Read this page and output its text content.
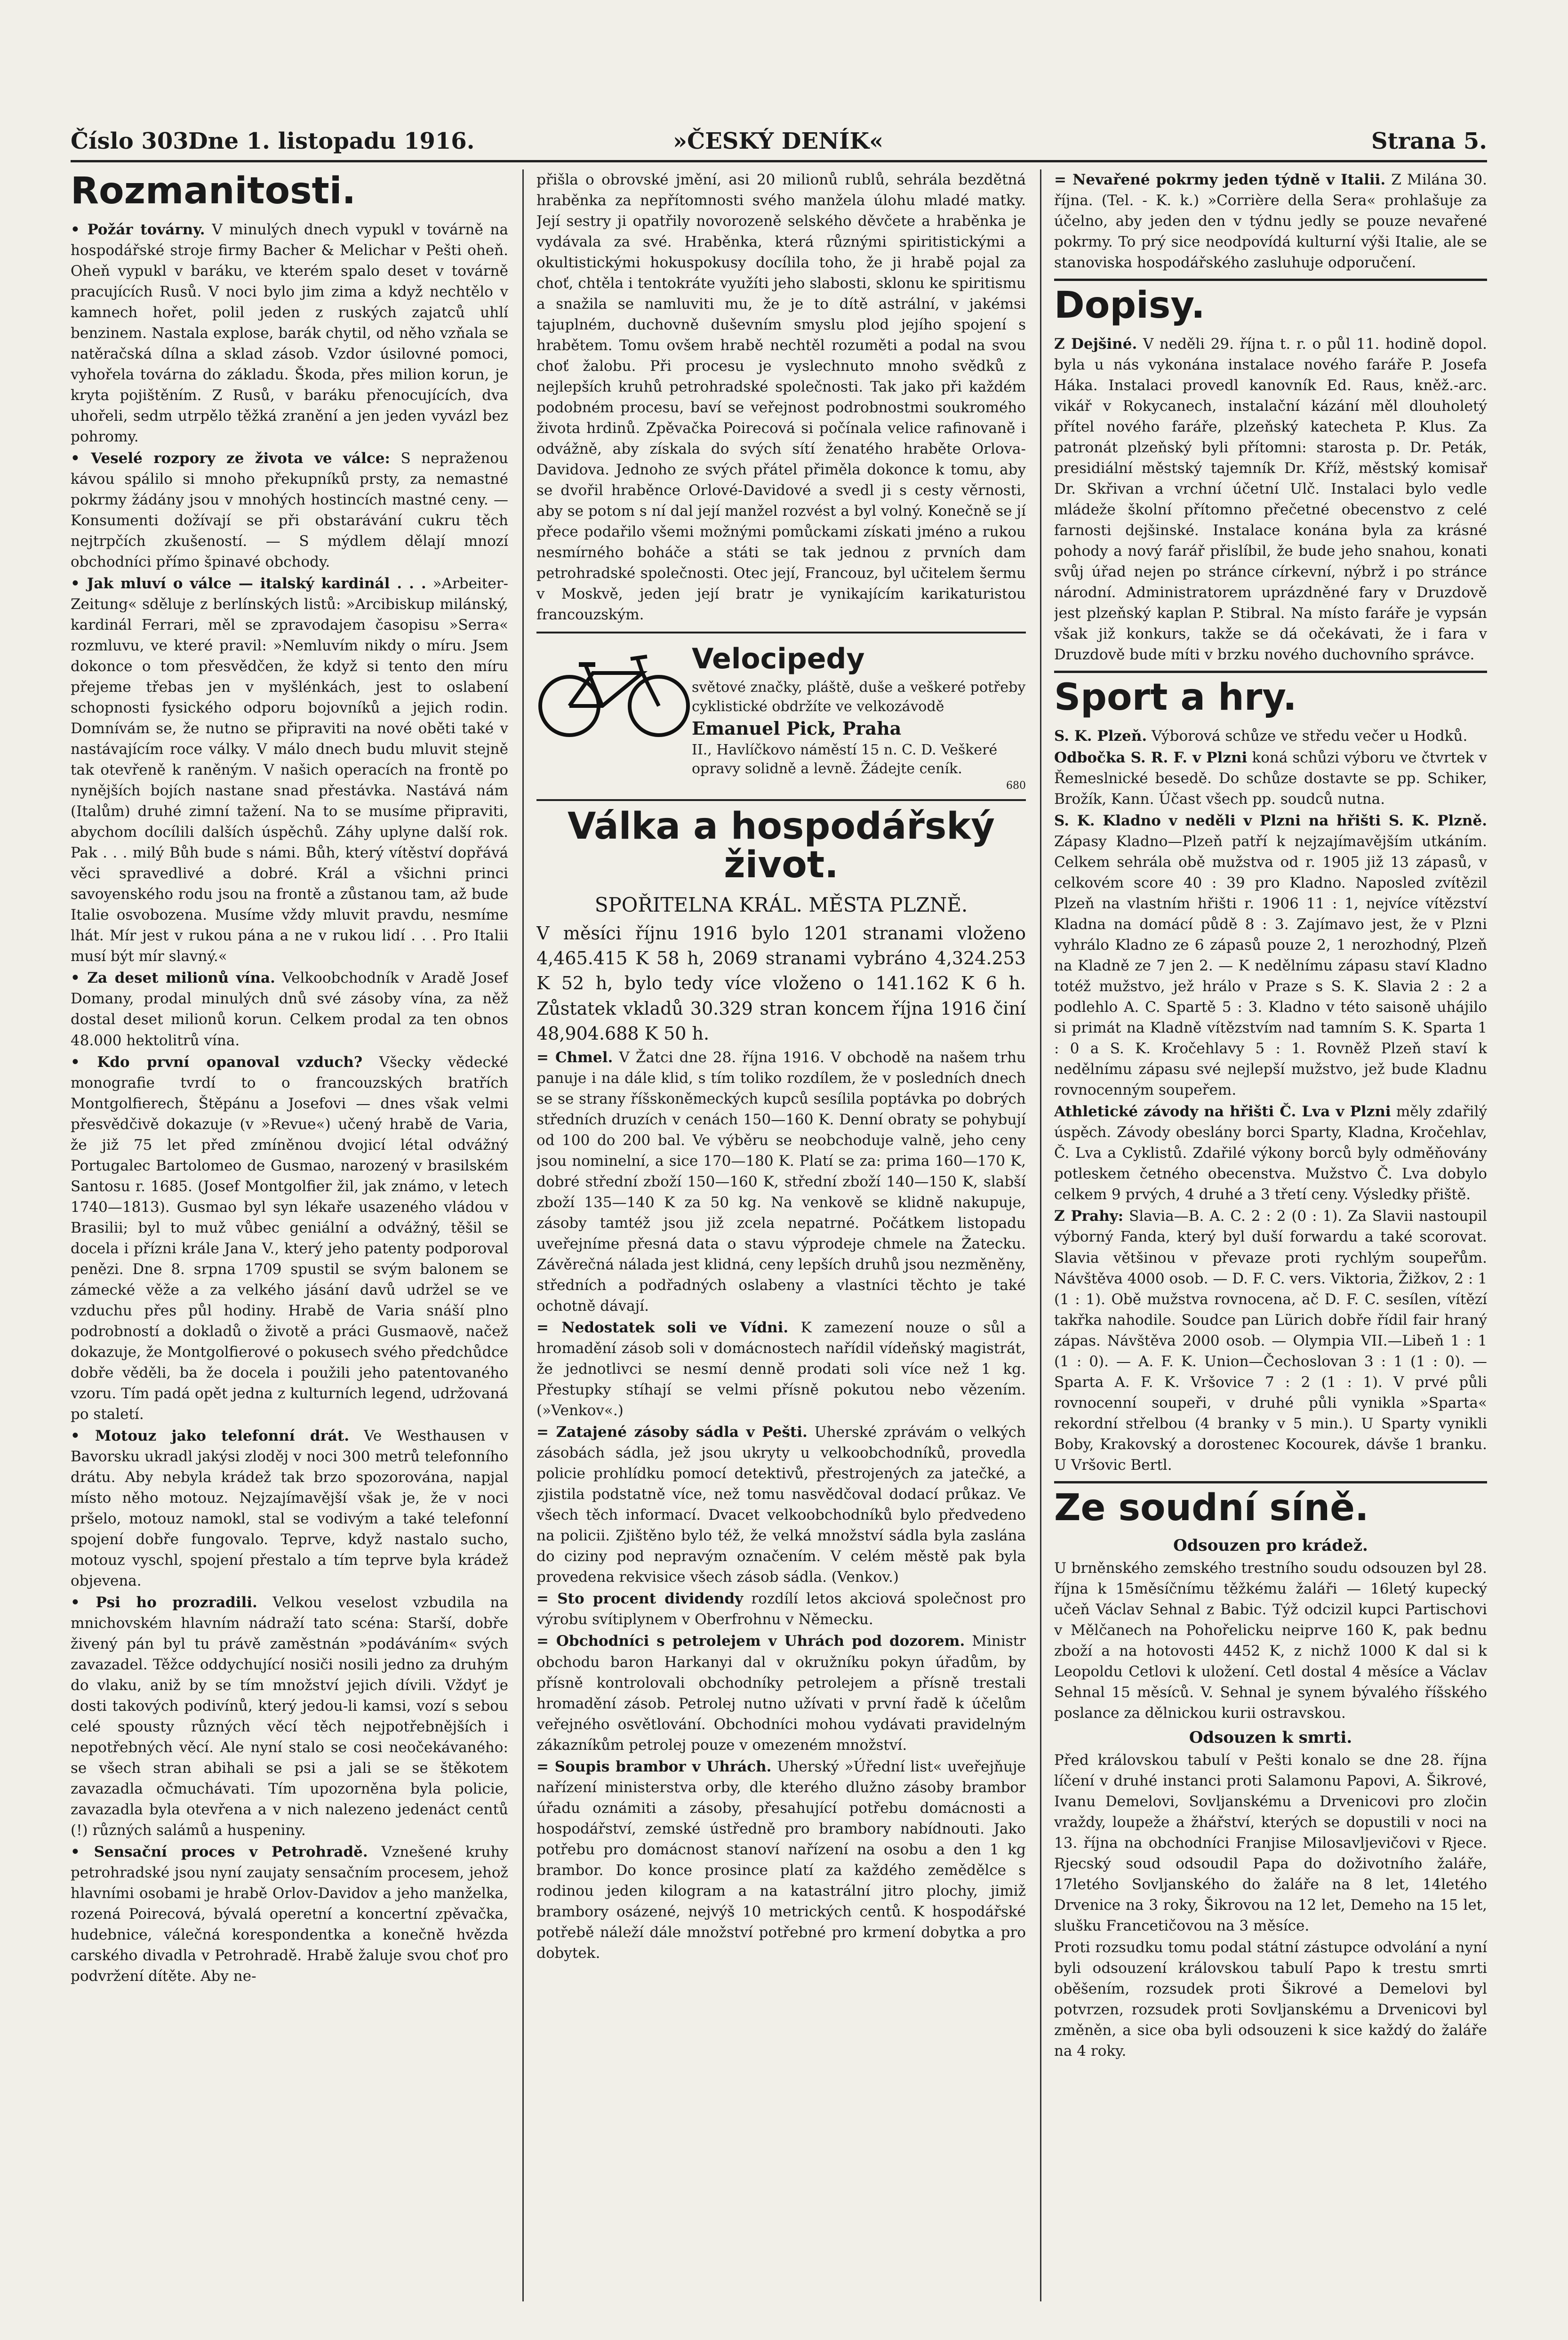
Číslo 303.
Dne 1. listopadu 1916.	»ČESKÝ DENÍK«	Strana 5.
Rozmanitosti.

• Požár továrny. V minulých dnech vypukl v továrně na hospodářské stroje firmy Bacher & Melichar v Pešti oheň. Oheň vypukl v baráku, ve kterém spalo deset v továrně pracujících Rusů. V noci bylo jim zima a když nechtělo v kamnech hořet, polil jeden z ruských zajatců uhlí benzinem. Nastala explose, barák chytil, od něho vzňala se natěračská dílna a sklad zásob. Vzdor úsilovné pomoci, vyhořela továrna do základu. Škoda, přes milion korun, je kryta pojištěním. Z Rusů, v baráku přenocujících, dva uhořeli, sedm utrpělo těžká zranění a jen jeden vyvázl bez pohromy.

• Veselé rozpory ze života ve válce: S nepraženou kávou spálilo si mnoho překupníků prsty, za nemastné pokrmy žádány jsou v mnohých hostincích mastné ceny. — Konsumenti dožívají se při obstarávání cukru těch nejtrpčích zkušeností. — S mýdlem dělají mnozí obchodníci přímo špinavé obchody.

• Jak mluví o válce — italský kardinál . . . »Arbeiter-Zeitung« sděluje z berlínských listů: »Arcibiskup milánský, kardinál Ferrari, měl se zpravodajem časopisu »Serra« rozmluvu, ve které pravil: »Nemluvím nikdy o míru. Jsem dokonce o tom přesvědčen, že když si tento den míru přejeme třebas jen v myšlénkách, jest to oslabení schopnosti fysického odporu bojovníků a jejich rodin. Domnívám se, že nutno se připraviti na nové oběti také v nastávajícím roce války. V málo dnech budu mluvit stejně tak otevřeně k raněným. V našich operacích na frontě po nynějších bojích nastane snad přestávka. Nastává nám (Italům) druhé zimní tažení. Na to se musíme připraviti, abychom docílili dalších úspěchů. Záhy uplyne další rok. Pak . . . milý Bůh bude s námi. Bůh, který vítěství dopřává věci spravedlivé a dobré. Král a všichni princi savoyenského rodu jsou na frontě a zůstanou tam, až bude Italie osvobozena. Musíme vždy mluvit pravdu, nesmíme lhát. Mír jest v rukou pána a ne v rukou lidí . . . Pro Italii musí být mír slavný.«

• Za deset milionů vína. Velkoobchodník v Aradě Josef Domany, prodal minulých dnů své zásoby vína, za něž dostal deset milionů korun. Celkem prodal za ten obnos 48.000 hektolitrů vína.

• Kdo první opanoval vzduch? Všecky vědecké monografie tvrdí to o francouzských bratřích Montgolfierech, Štěpánu a Josefovi — dnes však velmi přesvědčivě dokazuje (v »Revue«) učený hrabě de Varia, že již 75 let před zmíněnou dvojicí létal odvážný Portugalec Bartolomeo de Gusmao, narozený v brasilském Santosu r. 1685. (Josef Montgolfier žil, jak známo, v letech 1740—1813). Gusmao byl syn lékaře usazeného vládou v Brasilii; byl to muž vůbec geniální a odvážný, těšil se docela i přízni krále Jana V., který jeho patenty podporoval penězi. Dne 8. srpna 1709 spustil se svým balonem se zámecké věže a za velkého jásání davů udržel se ve vzduchu přes půl hodiny. Hrabě de Varia snáší plno podrobností a dokladů o životě a práci Gusmaově, načež dokazuje, že Montgolfierové o pokusech svého předchůdce dobře věděli, ba že docela i použili jeho patentovaného vzoru. Tím padá opět jedna z kulturních legend, udržovaná po staletí.

• Motouz jako telefonní drát. Ve Westhausen v Bavorsku ukradl jakýsi zloděj v noci 300 metrů telefonního drátu. Aby nebyla krádež tak brzo spozorována, napjal místo něho motouz. Nejzajímavější však je, že v noci pršelo, motouz namokl, stal se vodivým a také telefonní spojení dobře fungovalo. Teprve, když nastalo sucho, motouz vyschl, spojení přestalo a tím teprve byla krádež objevena.

• Psi ho prozradili. Velkou veselost vzbudila na mnichovském hlavním nádraží tato scéna: Starší, dobře živený pán byl tu právě zaměstnán »podáváním« svých zavazadel. Těžce oddychující nosiči nosili jedno za druhým do vlaku, aniž by se tím množství jejich dívili. Vždyť je dosti takových podivínů, který jedou-li kamsi, vozí s sebou celé spousty různých věcí těch nejpotřebnějších i nepotřebných věcí. Ale nyní stalo se cosi neočekávaného: se všech stran abihali se psi a jali se se štěkotem zavazadla očmuchávati. Tím upozorněna byla policie, zavazadla byla otevřena a v nich nalezeno jedenáct centů (!) různých salámů a huspeniny.

• Sensační proces v Petrohradě. Vznešené kruhy petrohradské jsou nyní zaujaty sensačním procesem, jehož hlavními osobami je hrabě Orlov-Davidov a jeho manželka, rozená Poirecová, bývalá operetní a koncertní zpěvačka, hudebnice, válečná korespondentka a konečně hvězda carského divadla v Petrohradě. Hrabě žaluje svou choť pro podvržení dítěte. Aby ne-

přišla o obrovské jmění, asi 20 milionů rublů, sehrála bezdětná hraběnka za nepřítomnosti svého manžela úlohu mladé matky. Její sestry ji opatřily novorozeně selského děvčete a hraběnka je vydávala za své. Hraběnka, která různými spiritistickými a okultistickými hokuspokusy docílila toho, že ji hrabě pojal za choť, chtěla i tentokráte využíti jeho slabosti, sklonu ke spiritismu a snažila se namluviti mu, že je to dítě astrální, v jakémsi tajuplném, duchovně duševním smyslu plod jejího spojení s hrabětem. Tomu ovšem hrabě nechtěl rozuměti a podal na svou choť žalobu. Při procesu je vyslechnuto mnoho svědků z nejlepších kruhů petrohradské společnosti. Tak jako při každém podobném procesu, baví se veřejnost podrobnostmi soukromého života hrdinů. Zpěvačka Poirecová si počínala velice rafinovaně i odvážně, aby získala do svých sítí ženatého hraběte Orlova-Davidova. Jednoho ze svých přátel přiměla dokonce k tomu, aby se dvořil hraběnce Orlové-Davidové a svedl ji s cesty věrnosti, aby se potom s ní dal její manžel rozvést a byl volný. Konečně se jí přece podařilo všemi možnými pomůckami získati jméno a rukou nesmírného boháče a státi se tak jednou z prvních dam petrohradské společnosti. Otec její, Francouz, byl učitelem šermu v Moskvě, jeden její bratr je vynikajícím karikaturistou francouzským.

Velocipedy
světové značky, pláště, duše a veškeré potřeby cyklistické obdržíte ve velkozávodě
Emanuel Pick, Praha
II., Havlíčkovo náměstí 15 n. C. D. Veškeré opravy solidně a levně. Žádejte ceník.
680
Válka a hospodářský život.
SPOŘITELNA KRÁL. MĚSTA PLZNĚ.

V měsíci říjnu 1916 bylo 1201 stranami vloženo 4,465.415 K 58 h, 2069 stranami vybráno 4,324.253 K 52 h, bylo tedy více vloženo o 141.162 K 6 h. Zůstatek vkladů 30.329 stran koncem října 1916 činí 48,904.688 K 50 h.

= Chmel. V Žatci dne 28. října 1916. V obchodě na našem trhu panuje i na dále klid, s tím toliko rozdílem, že v posledních dnech se se strany říšskoněmeckých kupců sesílila poptávka po dobrých středních druzích v cenách 150—160 K. Denní obraty se pohybují od 100 do 200 bal. Ve výběru se neobchoduje valně, jeho ceny jsou nominelní, a sice 170—180 K. Platí se za: prima 160—170 K, dobré střední zboží 150—160 K, střední zboží 140—150 K, slabší zboží 135—140 K za 50 kg. Na venkově se klidně nakupuje, zásoby tamtéž jsou již zcela nepatrné. Počátkem listopadu uveřejníme přesná data o stavu výprodeje chmele na Žatecku. Závěrečná nálada jest klidná, ceny lepších druhů jsou nezměněny, středních a podřadných oslabeny a vlastníci těchto je také ochotně dávají.

= Nedostatek soli ve Vídni. K zamezení nouze o sůl a hromadění zásob soli v domácnostech nařídil vídeňský magistrát, že jednotlivci se nesmí denně prodati soli více než 1 kg. Přestupky stíhají se velmi přísně pokutou nebo vězením. (»Venkov«.)

= Zatajené zásoby sádla v Pešti. Uherské zprávám o velkých zásobách sádla, jež jsou ukryty u velkoobchodníků, provedla policie prohlídku pomocí detektivů, přestrojených za jatečké, a zjistila podstatně více, než tomu nasvědčoval dodací průkaz. Ve všech těch informací. Dvacet velkoobchodníků bylo předvedeno na policii. Zjištěno bylo též, že velká množství sádla byla zaslána do ciziny pod nepravým označením. V celém městě pak byla provedena rekvisice všech zásob sádla. (Venkov.)

= Sto procent dividendy rozdílí letos akciová společnost pro výrobu svítiplynem v Oberfrohnu v Německu.

= Obchodníci s petrolejem v Uhrách pod dozorem. Ministr obchodu baron Harkanyi dal v okružníku pokyn úřadům, by přísně kontrolovali obchodníky petrolejem a přísně trestali hromadění zásob. Petrolej nutno užívati v první řadě k účelům veřejného osvětlování. Obchodníci mohou vydávati pravidelným zákazníkům petrolej pouze v omezeném množství.

= Soupis brambor v Uhrách. Uherský »Úřední list« uveřejňuje nařízení ministerstva orby, dle kterého dlužno zásoby brambor úřadu oznámiti a zásoby, přesahující potřebu domácnosti a hospodářství, zemské ústředně pro brambory nabídnouti. Jako potřebu pro domácnost stanoví nařízení na osobu a den 1 kg brambor. Do konce prosince platí za každého zemědělce s rodinou jeden kilogram a na katastrální jitro plochy, jimiž brambory osázené, nejvýš 10 metrických centů. K hospodářské potřebě náleží dále množství potřebné pro krmení dobytka a pro dobytek.

= Nevařené pokrmy jeden týdně v Italii. Z Milána 30. října. (Tel. - K. k.) »Corrière della Sera« prohlašuje za účelno, aby jeden den v týdnu jedly se pouze nevařené pokrmy. To prý sice neodpovídá kulturní výši Italie, ale se stanoviska hospodářského zasluhuje odporučení.

Dopisy.

Z Dejšiné. V neděli 29. října t. r. o půl 11. hodině dopol. byla u nás vykonána instalace nového faráře P. Josefa Háka. Instalaci provedl kanovník Ed. Raus, kněž.-arc. vikář v Rokycanech, instalační kázání měl dlouholetý přítel nového faráře, plzeňský katecheta P. Klus. Za patronát plzeňský byli přítomni: starosta p. Dr. Peták, presidiální městský tajemník Dr. Kříž, městský komisař Dr. Skřivan a vrchní účetní Ulč. Instalaci bylo vedle mládeže školní přítomno přečetné obecenstvo z celé farnosti dejšinské. Instalace konána byla za krásné pohody a nový farář přislíbil, že bude jeho snahou, konati svůj úřad nejen po stránce církevní, nýbrž i po stránce národní. Administratorem uprázdněné fary v Druzdově jest plzeňský kaplan P. Stibral. Na místo faráře je vypsán však již konkurs, takže se dá očekávati, že i fara v Druzdově bude míti v brzku nového duchovního správce.

Sport a hry.

S. K. Plzeň. Výborová schůze ve středu večer u Hodků.

Odbočka S. R. F. v Plzni koná schůzi výboru ve čtvrtek v Řemeslnické besedě. Do schůze dostavte se pp. Schiker, Brožík, Kann. Účast všech pp. soudců nutna.

S. K. Kladno v neděli v Plzni na hřišti S. K. Plzně. Zápasy Kladno—Plzeň patří k nejzajímavějším utkáním. Celkem sehrála obě mužstva od r. 1905 již 13 zápasů, v celkovém score 40 : 39 pro Kladno. Naposled zvítězil Plzeň na vlastním hřišti r. 1906 11 : 1, nejvíce vítězství Kladna na domácí půdě 8 : 3. Zajímavo jest, že v Plzni vyhrálo Kladno ze 6 zápasů pouze 2, 1 nerozhodný, Plzeň na Kladně ze 7 jen 2. — K nedělnímu zápasu staví Kladno totéž mužstvo, jež hrálo v Praze s S. K. Slavia 2 : 2 a podlehlo A. C. Spartě 5 : 3. Kladno v této saisoně uhájilo si primát na Kladně vítězstvím nad tamním S. K. Sparta 1 : 0 a S. K. Kročehlavy 5 : 1. Rovněž Plzeň staví k nedělnímu zápasu své nejlepší mužstvo, jež bude Kladnu rovnocenným soupeřem.

Athletické závody na hřišti Č. Lva v Plzni měly zdařilý úspěch. Závody obeslány borci Sparty, Kladna, Kročehlav, Č. Lva a Cyklistů. Zdařilé výkony borců byly odměňovány potleskem četného obecenstva. Mužstvo Č. Lva dobylo celkem 9 prvých, 4 druhé a 3 třetí ceny. Výsledky přiště.

Z Prahy: Slavia—B. A. C. 2 : 2 (0 : 1). Za Slavii nastoupil výborný Fanda, který byl duší forwardu a také scorovat. Slavia většinou v převaze proti rychlým soupeřům. Návštěva 4000 osob. — D. F. C. vers. Viktoria, Žižkov, 2 : 1 (1 : 1). Obě mužstva rovnocena, ač D. F. C. sesílen, vítězí takřka nahodile. Soudce pan Lürich dobře řídil fair hraný zápas. Návštěva 2000 osob. — Olympia VII.—Libeň 1 : 1 (1 : 0). — A. F. K. Union—Čechoslovan 3 : 1 (1 : 0). — Sparta A. F. K. Vršovice 7 : 2 (1 : 1). V prvé půli rovnocenní soupeři, v druhé půli vynikla »Sparta« rekordní střelbou (4 branky v 5 min.). U Sparty vynikli Boby, Krakovský a dorostenec Kocourek, dávše 1 branku. U Vršovic Bertl.

Ze soudní síně.
Odsouzen pro krádež.

U brněnského zemského trestního soudu odsouzen byl 28. října k 15měsíčnímu těžkému žaláři — 16letý kupecký učeň Václav Sehnal z Babic. Týž odcizil kupci Partischovi v Mělčanech na Pohořelicku neiprve 160 K, pak bednu zboží a na hotovosti 4452 K, z nichž 1000 K dal si k Leopoldu Cetlovi k uložení. Cetl dostal 4 měsíce a Václav Sehnal 15 měsíců. V. Sehnal je synem bývalého říšského poslance za dělnickou kurii ostravskou.

Odsouzen k smrti.

Před královskou tabulí v Pešti konalo se dne 28. října líčení v druhé instanci proti Salamonu Papovi, A. Šikrové, Ivanu Demelovi, Sovljanskému a Drvenicovi pro zločin vraždy, loupeže a žhářství, kterých se dopustili v noci na 13. října na obchodníci Franjise Milosavljevičovi v Rjece. Rjecský soud odsoudil Papa do doživotního žaláře, 17letého Sovljanského do žaláře na 8 let, 14letého Drvenice na 3 roky, Šikrovou na 12 let, Demeho na 15 let, slušku Francetičovou na 3 měsíce.

Proti rozsudku tomu podal státní zástupce odvolání a nyní byli odsouzení královskou tabulí Papo k trestu smrti oběšením, rozsudek proti Šikrové a Demelovi byl potvrzen, rozsudek proti Sovljanskému a Drvenicovi byl změněn, a sice oba byli odsouzeni k sice každý do žaláře na 4 roky.
